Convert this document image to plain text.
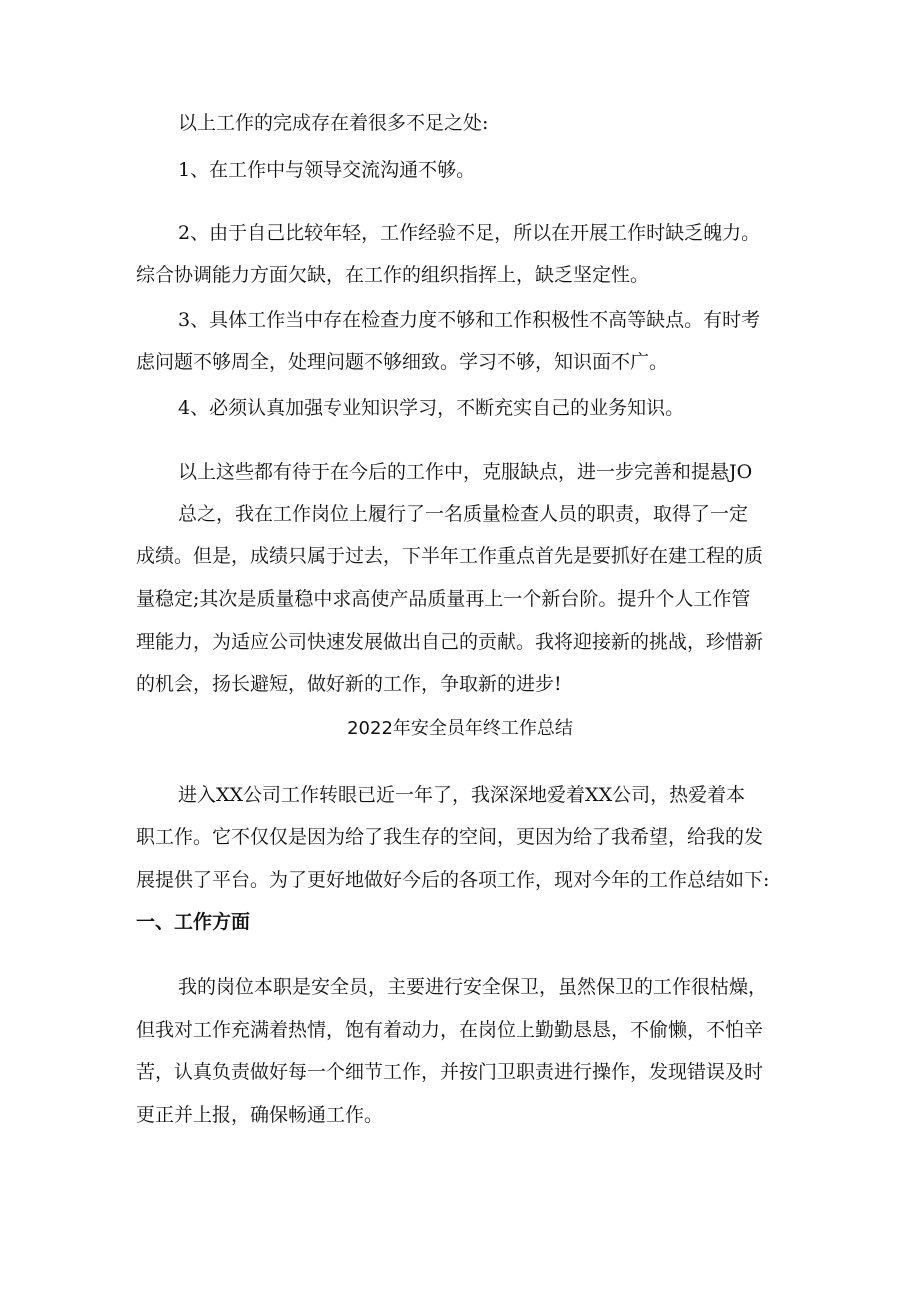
以上工作的完成存在着很多不足之处:
1、在工作中与领导交流沟通不够。
2、由于自己比较年轻，工作经验不足，所以在开展工作时缺乏魄力。
综合协调能力方面欠缺，在工作的组织指挥上，缺乏坚定性。
3、具体工作当中存在检查力度不够和工作积极性不高等缺点。有时考
虑问题不够周全，处理问题不够细致。学习不够，知识面不广。
4、必须认真加强专业知识学习，不断充实自己的业务知识。
以上这些都有待于在今后的工作中，克服缺点，进一步完善和提悬JO
总之，我在工作岗位上履行了一名质量检查人员的职责，取得了一定
成绩。但是，成绩只属于过去，下半年工作重点首先是要抓好在建工程的质
量稳定;其次是质量稳中求高使产品质量再上一个新台阶。提升个人工作管
理能力，为适应公司快速发展做出自己的贡献。我将迎接新的挑战，珍惜新
的机会，扬长避短，做好新的工作，争取新的进步!
2022年安全员年终工作总结
进入XX公司工作转眼已近一年了，我深深地爱着XX公司，热爱着本
职工作。它不仅仅是因为给了我生存的空间，更因为给了我希望，给我的发
展提供了平台。为了更好地做好今后的各项工作，现对今年的工作总结如下:
一、工作方面
我的岗位本职是安全员，主要进行安全保卫，虽然保卫的工作很枯燥，
但我对工作充满着热情，饱有着动力，在岗位上勤勤恳恳，不偷懒，不怕辛
苦，认真负责做好每一个细节工作，并按门卫职责进行操作，发现错误及时
更正并上报，确保畅通工作。
